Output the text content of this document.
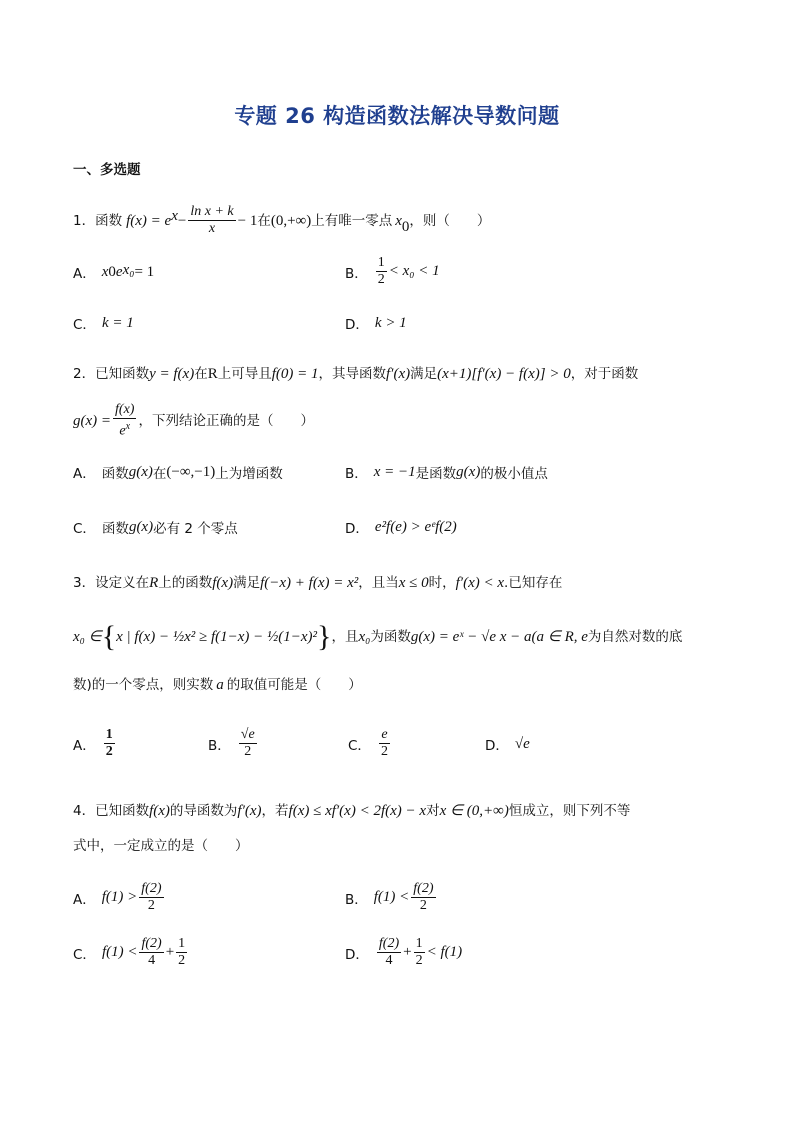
专题 26 构造函数法解决导数问题
一、多选题
1． 函数 f(x) = e $x - \frac{\text{ln x + k}}{x} - 1$ 在 (0,+∞) 上有唯一零点 x 0 ，则（　　）
A． x 0 e x₀ = 1	B． $\frac{1}{2} < x_0 < 1$
C． k = 1	D． k > 1
2． 已知函数 y = f(x) 在 R 上可导且 f(0) = 1 ，其导函数 f′(x) 满足 (x+1)[f′(x) − f(x)] > 0 ，对于函数
$g(x) = \frac{f(x)}{e^x}$ ，下列结论正确的是（　　）
A． 函数 g(x) 在 (−∞,−1) 上为增函数	B． x = −1 是函数 g(x) 的极小值点
C． 函数 g(x) 必有 2 个零点	D． e²f(e) > eᵉf(2)
3． 设定义在 R 上的函数 f(x) 满足 f(−x) + f(x) = x² ，且当 x ≤ 0 时， f′(x) < x .已知存在
x₀ ∈ { x | f(x) − ½x² ≥ f(1−x) − ½(1−x)² } ，且 x₀ 为函数 g(x) = eˣ − √e x − a (a ∈ R, e 为自然对数的底
数)的一个零点，则实数 a 的取值可能是（　　）
A． $\frac{1}{2}$	B． $\frac{√e}{2}$	C． $\frac{e}{2}$	D． √e
4． 已知函数 f(x) 的导函数为 f′(x) ，若 f(x) ≤ xf′(x) < 2f(x) − x 对 x ∈ (0,+∞) 恒成立，则下列不等
式中，一定成立的是（　　）
A． $f(1) > \frac{f(2)}{2}$	B． $f(1) < \frac{f(2)}{2}$
C． $f(1) < \frac{f(2)}{4} + \frac{1}{2}$	D． $\frac{f(2)}{4} + \frac{1}{2} < f(1)$
